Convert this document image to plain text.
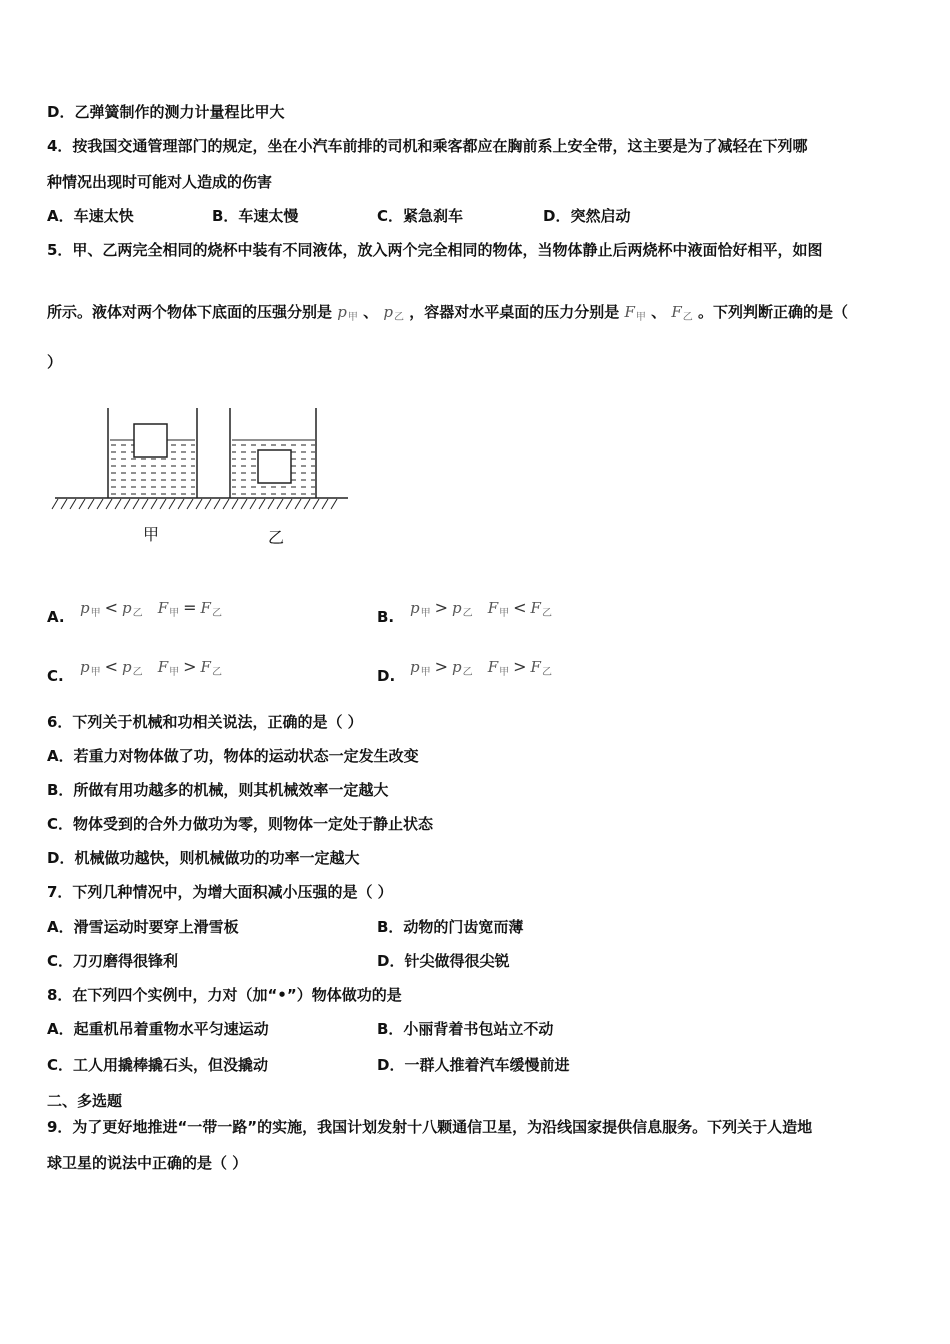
D．乙弹簧制作的测力计量程比甲大
4．按我国交通管理部门的规定，坐在小汽车前排的司机和乘客都应在胸前系上安全带，这主要是为了减轻在下列哪
种情况出现时可能对人造成的伤害
A．车速太快	B．车速太慢	C．紧急刹车	D．突然启动
5．甲、乙两完全相同的烧杯中装有不同液体，放入两个完全相同的物体，当物体静止后两烧杯中液面恰好相平，如图
所示。液体对两个物体下底面的压强分别是 $p_甲$ 、 $p_乙$ ，容器对水平桌面的压力分别是 $F_甲$ 、 $F_乙$ 。下列判断正确的是（
）
甲	乙
A. $p_甲 < p_乙$ $F_甲 = F_乙$	B. $p_甲 > p_乙$ $F_甲 < F_乙$
C. $p_甲 < p_乙$ $F_甲 > F_乙$	D. $p_甲 > p_乙$ $F_甲 > F_乙$
6．下列关于机械和功相关说法，正确的是（ ）
A．若重力对物体做了功，物体的运动状态一定发生改变
B．所做有用功越多的机械，则其机械效率一定越大
C．物体受到的合外力做功为零，则物体一定处于静止状态
D．机械做功越快，则机械做功的功率一定越大
7．下列几种情况中，为增大面积减小压强的是（ ）
A．滑雪运动时要穿上滑雪板	B．动物的门齿宽而薄
C．刀刃磨得很锋利	D．针尖做得很尖锐
8．在下列四个实例中，力对（加“•”）物体做功的是
A．起重机吊着重物水平匀速运动	B．小丽背着书包站立不动
C．工人用撬棒撬石头，但没撬动	D．一群人推着汽车缓慢前进
二、多选题
9．为了更好地推进“一带一路”的实施，我国计划发射十八颗通信卫星，为沿线国家提供信息服务。下列关于人造地
球卫星的说法中正确的是（ ）
